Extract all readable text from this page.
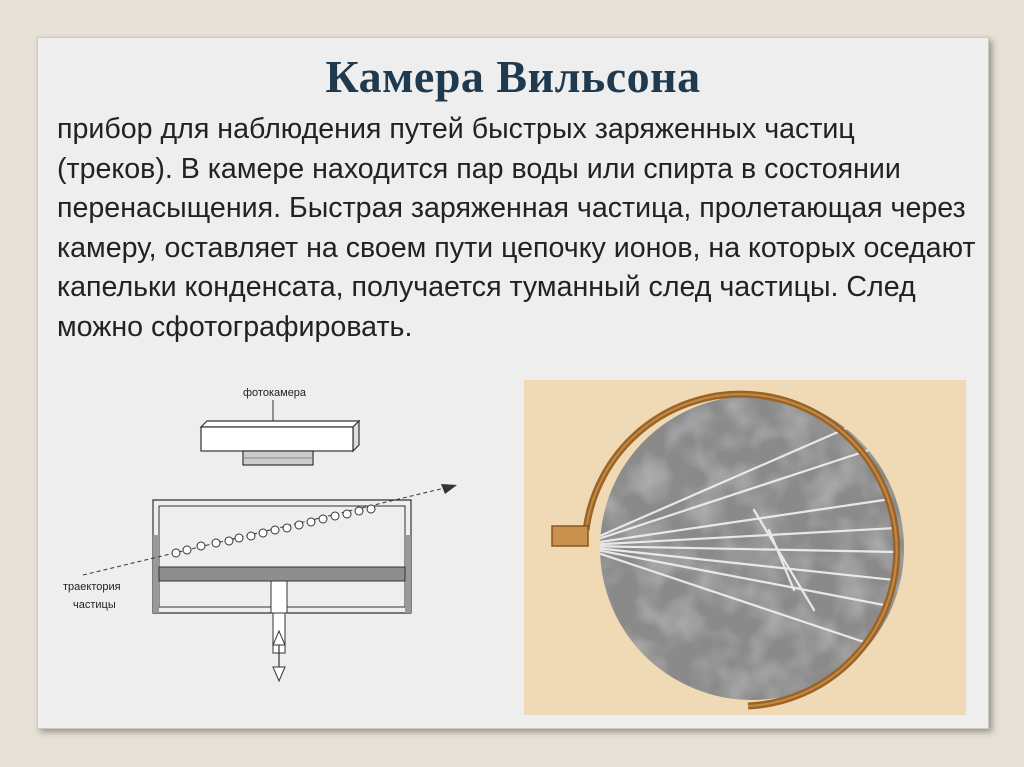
Камера Вильсона
прибор для наблюдения путей быстрых заряженных частиц (треков). В камере находится пар воды или спирта в состоянии перенасыщения. Быстрая заряженная частица, пролетающая через камеру, оставляет на своем пути цепочку ионов, на которых оседают капельки конденсата, получается туманный след частицы. След можно сфотографировать.
фотокамера
траектория
частицы
